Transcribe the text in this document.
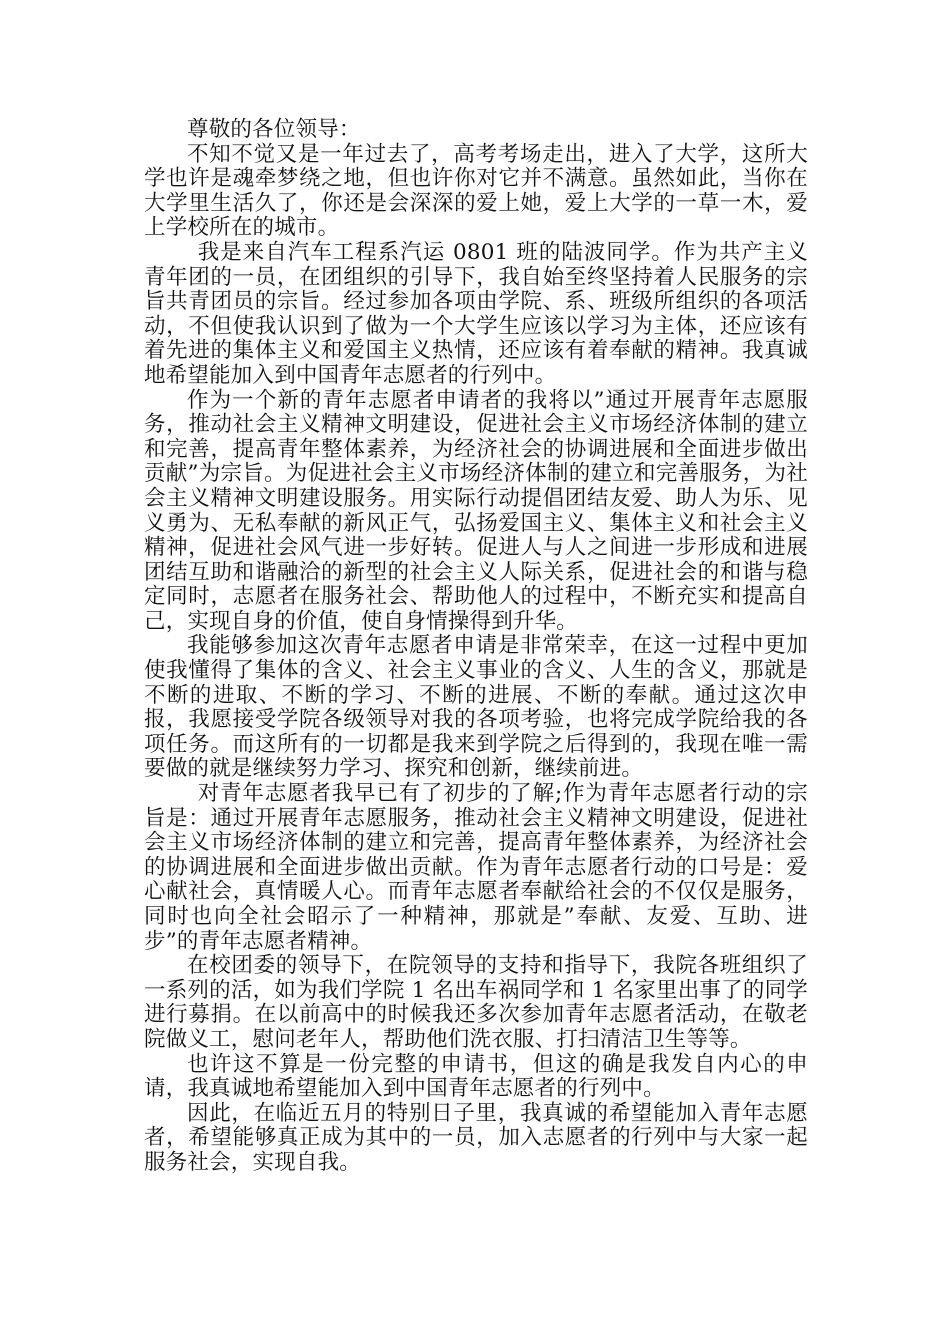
尊敬的各位领导：

不知不觉又是一年过去了，高考考场走出，进入了大学，这所大学也许是魂牵梦绕之地，但也许你对它并不满意。虽然如此，当你在大学里生活久了，你还是会深深的爱上她，爱上大学的一草一木，爱上学校所在的城市。

我是来自汽车工程系汽运 0801 班的陆波同学。作为共产主义青年团的一员，在团组织的引导下，我自始至终坚持着人民服务的宗旨共青团员的宗旨。经过参加各项由学院、系、班级所组织的各项活动，不但使我认识到了做为一个大学生应该以学习为主体，还应该有着先进的集体主义和爱国主义热情，还应该有着奉献的精神。我真诚地希望能加入到中国青年志愿者的行列中。

作为一个新的青年志愿者申请者的我将以”通过开展青年志愿服务，推动社会主义精神文明建设，促进社会主义市场经济体制的建立和完善，提高青年整体素养，为经济社会的协调进展和全面进步做出贡献”为宗旨。为促进社会主义市场经济体制的建立和完善服务，为社会主义精神文明建设服务。用实际行动提倡团结友爱、助人为乐、见义勇为、无私奉献的新风正气，弘扬爱国主义、集体主义和社会主义精神，促进社会风气进一步好转。促进人与人之间进一步形成和进展团结互助和谐融洽的新型的社会主义人际关系，促进社会的和谐与稳定同时，志愿者在服务社会、帮助他人的过程中，不断充实和提高自己，实现自身的价值，使自身情操得到升华。

我能够参加这次青年志愿者申请是非常荣幸，在这一过程中更加使我懂得了集体的含义、社会主义事业的含义、人生的含义，那就是不断的进取、不断的学习、不断的进展、不断的奉献。通过这次申报，我愿接受学院各级领导对我的各项考验，也将完成学院给我的各项任务。而这所有的一切都是我来到学院之后得到的，我现在唯一需要做的就是继续努力学习、探究和创新，继续前进。

对青年志愿者我早已有了初步的了解;作为青年志愿者行动的宗旨是：通过开展青年志愿服务，推动社会主义精神文明建设，促进社会主义市场经济体制的建立和完善，提高青年整体素养，为经济社会的协调进展和全面进步做出贡献。作为青年志愿者行动的口号是：爱心献社会，真情暖人心。而青年志愿者奉献给社会的不仅仅是服务，同时也向全社会昭示了一种精神，那就是”奉献、友爱、互助、进步”的青年志愿者精神。

在校团委的领导下，在院领导的支持和指导下，我院各班组织了一系列的活，如为我们学院 1 名出车祸同学和 1 名家里出事了的同学进行募捐。在以前高中的时候我还多次参加青年志愿者活动，在敬老院做义工，慰问老年人，帮助他们洗衣服、打扫清洁卫生等等。

也许这不算是一份完整的申请书，但这的确是我发自内心的申请，我真诚地希望能加入到中国青年志愿者的行列中。

因此，在临近五月的特别日子里，我真诚的希望能加入青年志愿者，希望能够真正成为其中的一员，加入志愿者的行列中与大家一起服务社会，实现自我。
